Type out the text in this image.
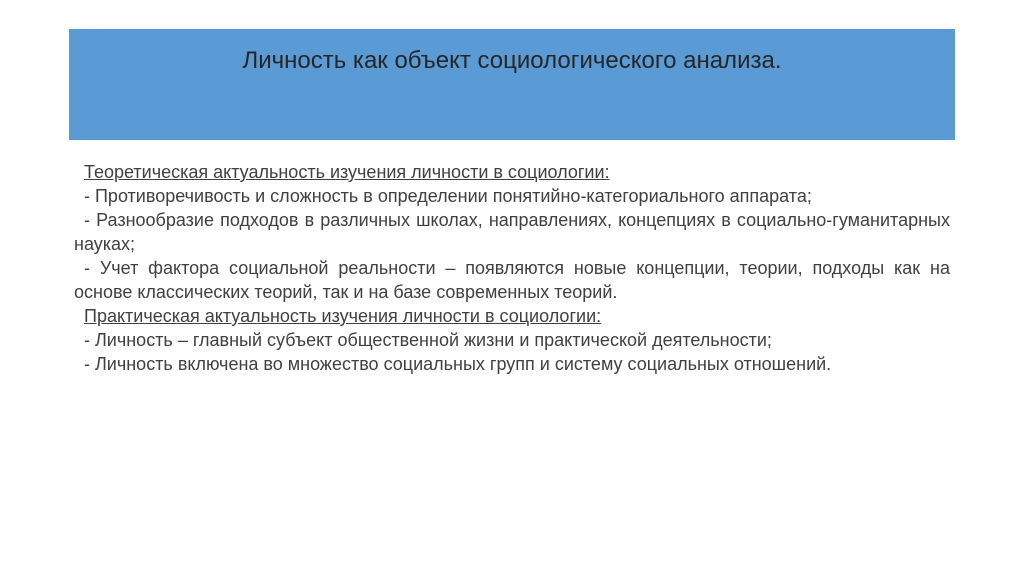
Личность как объект социологического анализа.

Теоретическая актуальность изучения личности в социологии:

- Противоречивость и сложность в определении понятийно-категориального аппарата;

- Разнообразие подходов в различных школах, направлениях, концепциях в социально-гуманитарных науках;

- Учет фактора социальной реальности – появляются новые концепции, теории, подходы как на основе классических теорий, так и на базе современных теорий.

Практическая актуальность изучения личности в социологии:

- Личность – главный субъект общественной жизни и практической деятельности;

- Личность включена во множество социальных групп и систему социальных отношений.
